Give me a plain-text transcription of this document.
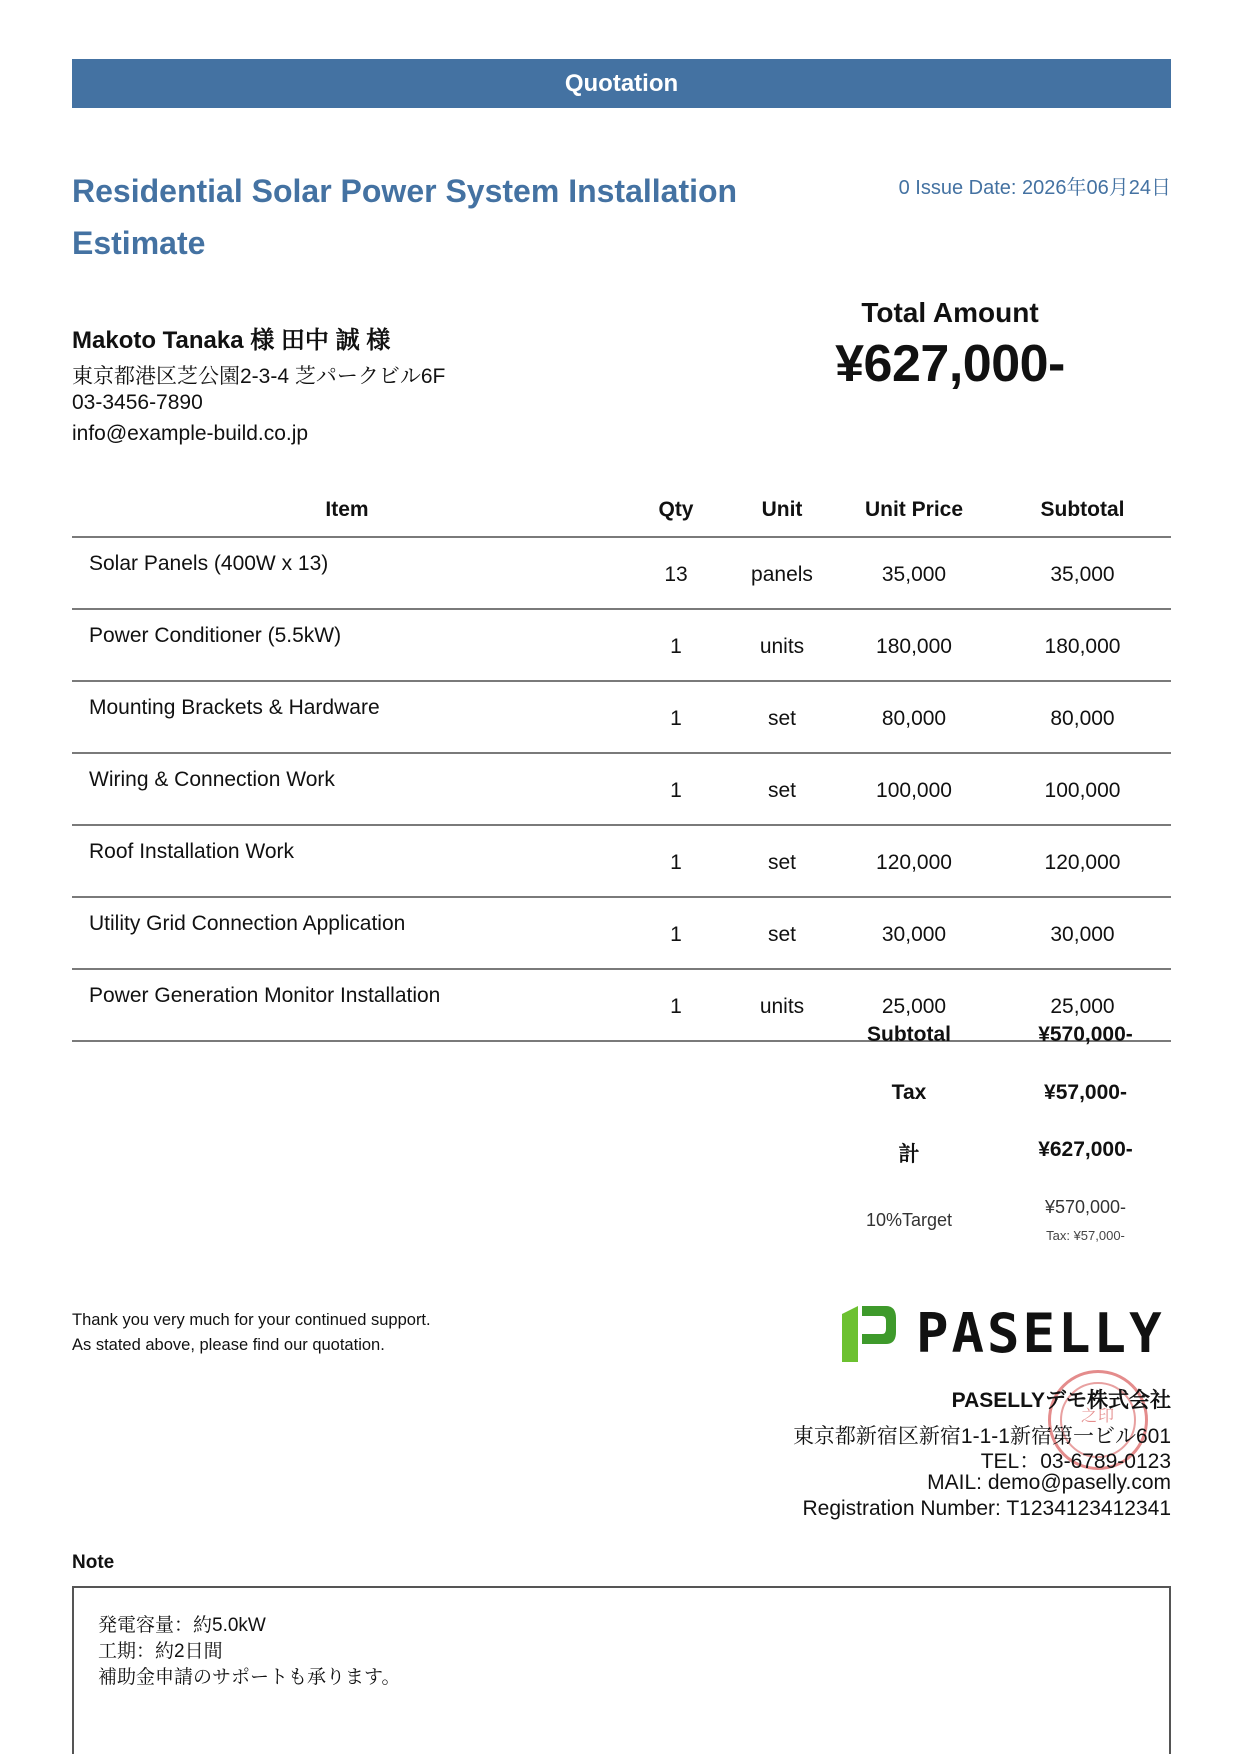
Quotation
Residential Solar Power System Installation
Estimate
0 Issue Date: 2026年06月24日
Makoto Tanaka 様 田中 誠 様
東京都港区芝公園2-3-4 芝パークビル6F
03-3456-7890
info@example-build.co.jp
Total Amount
¥627,000-
Item	Qty	Unit	Unit Price	Subtotal
Solar Panels (400W x 13)	13	panels	35,000	35,000
Power Conditioner (5.5kW)	1	units	180,000	180,000
Mounting Brackets & Hardware	1	set	80,000	80,000
Wiring & Connection Work	1	set	100,000	100,000
Roof Installation Work	1	set	120,000	120,000
Utility Grid Connection Application	1	set	30,000	30,000
Power Generation Monitor Installation	1	units	25,000	25,000
Subtotal	¥570,000-
Tax	¥57,000-
計	¥627,000-
10%Target
¥570,000-
Tax: ¥57,000-
Thank you very much for your continued support.
As stated above, please find our quotation.	PASELLY
之印
PASELLYデモ株式会社
東京都新宿区新宿1-1-1新宿第一ビル601
TEL：03-6789-0123
MAIL: demo@paselly.com
Registration Number: T1234123412341
Note
発電容量：約5.0kW
工期：約2日間
補助金申請のサポートも承ります。
